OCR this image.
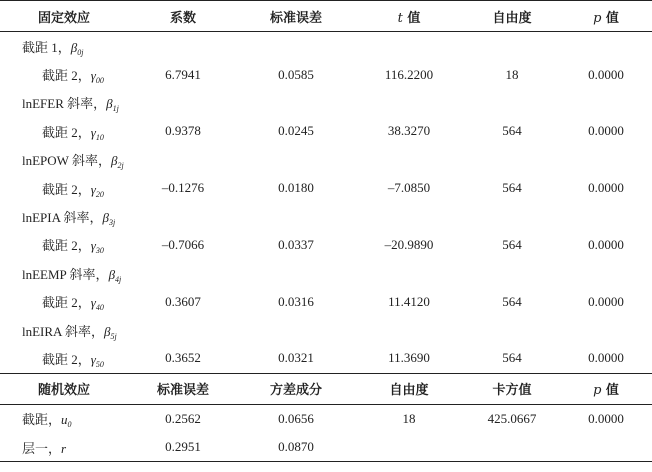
固定效应	系数	标准误差	t 值	自由度	p 值
截距 1，$\beta_{0j}$	
截距 2，$\gamma_{00}$	6.7941	0.0585	116.2200	18	0.0000
lnEFER 斜率，$\beta_{1j}$	
截距 2，$\gamma_{10}$	0.9378	0.0245	38.3270	564	0.0000
lnEPOW 斜率，$\beta_{2j}$	
截距 2，$\gamma_{20}$	–0.1276	0.0180	–7.0850	564	0.0000
lnEPIA 斜率，$\beta_{3j}$	
截距 2，$\gamma_{30}$	–0.7066	0.0337	–20.9890	564	0.0000
lnEEMP 斜率，$\beta_{4j}$	
截距 2，$\gamma_{40}$	0.3607	0.0316	11.4120	564	0.0000
lnEIRA 斜率，$\beta_{5j}$	
截距 2，$\gamma_{50}$	0.3652	0.0321	11.3690	564	0.0000
随机效应	标准误差	方差成分	自由度	卡方值	p 值
截距，$u_0$	0.2562	0.0656	18	425.0667	0.0000
层一，r	0.2951	0.0870			
